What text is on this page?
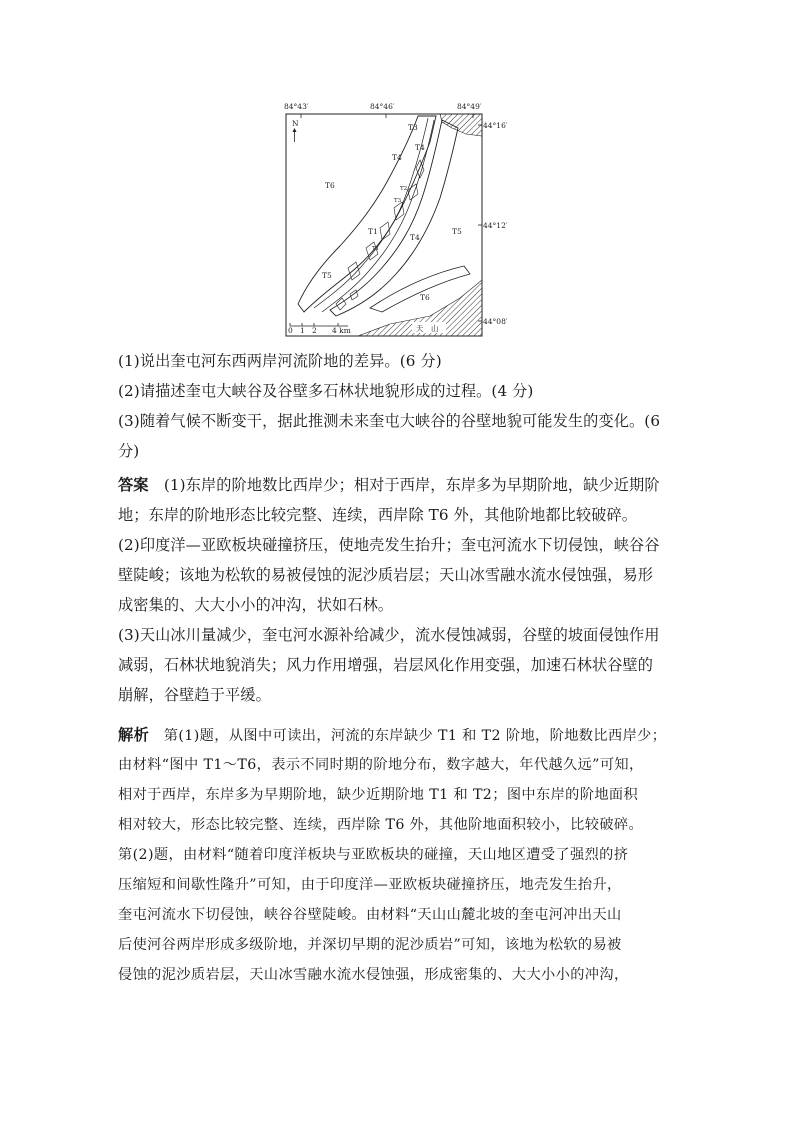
N
84°43′	84°46′	84°49′
44°16′
44°12′
44°08′
T3
T4
T6
T4
T2
T3
T1
T1
T4
T5
T5
T6
0 1 2 4 km	天　山
(1)说出奎屯河东西两岸河流阶地的差异。(6 分)
(2)请描述奎屯大峡谷及谷壁多石林状地貌形成的过程。(4 分)
(3)随着气候不断变干，据此推测未来奎屯大峡谷的谷壁地貌可能发生的变化。(6
分)
答案　 (1)东岸的阶地数比西岸少；相对于西岸，东岸多为早期阶地，缺少近期阶
地；东岸的阶地形态比较完整、连续，西岸除 T6 外，其他阶地都比较破碎。
(2)印度洋—亚欧板块碰撞挤压，使地壳发生抬升；奎屯河流水下切侵蚀，峡谷谷
壁陡峻；该地为松软的易被侵蚀的泥沙质岩层；天山冰雪融水流水侵蚀强，易形
成密集的、大大小小的冲沟，状如石林。
(3)天山冰川量减少，奎屯河水源补给减少，流水侵蚀减弱，谷壁的坡面侵蚀作用
减弱，石林状地貌消失；风力作用增强，岩层风化作用变强，加速石林状谷壁的
崩解，谷壁趋于平缓。
解析　 第(1)题，从图中可读出，河流的东岸缺少 T1 和 T2 阶地，阶地数比西岸少；
由材料“图中 T1～T6，表示不同时期的阶地分布，数字越大，年代越久远”可知，
相对于西岸，东岸多为早期阶地，缺少近期阶地 T1 和 T2；图中东岸的阶地面积
相对较大，形态比较完整、连续，西岸除 T6 外，其他阶地面积较小，比较破碎。
第(2)题，由材料“随着印度洋板块与亚欧板块的碰撞，天山地区遭受了强烈的挤
压缩短和间歇性隆升”可知，由于印度洋—亚欧板块碰撞挤压，地壳发生抬升，
奎屯河流水下切侵蚀，峡谷谷壁陡峻。由材料“天山山麓北坡的奎屯河冲出天山
后使河谷两岸形成多级阶地，并深切早期的泥沙质岩”可知，该地为松软的易被
侵蚀的泥沙质岩层，天山冰雪融水流水侵蚀强，形成密集的、大大小小的冲沟，
